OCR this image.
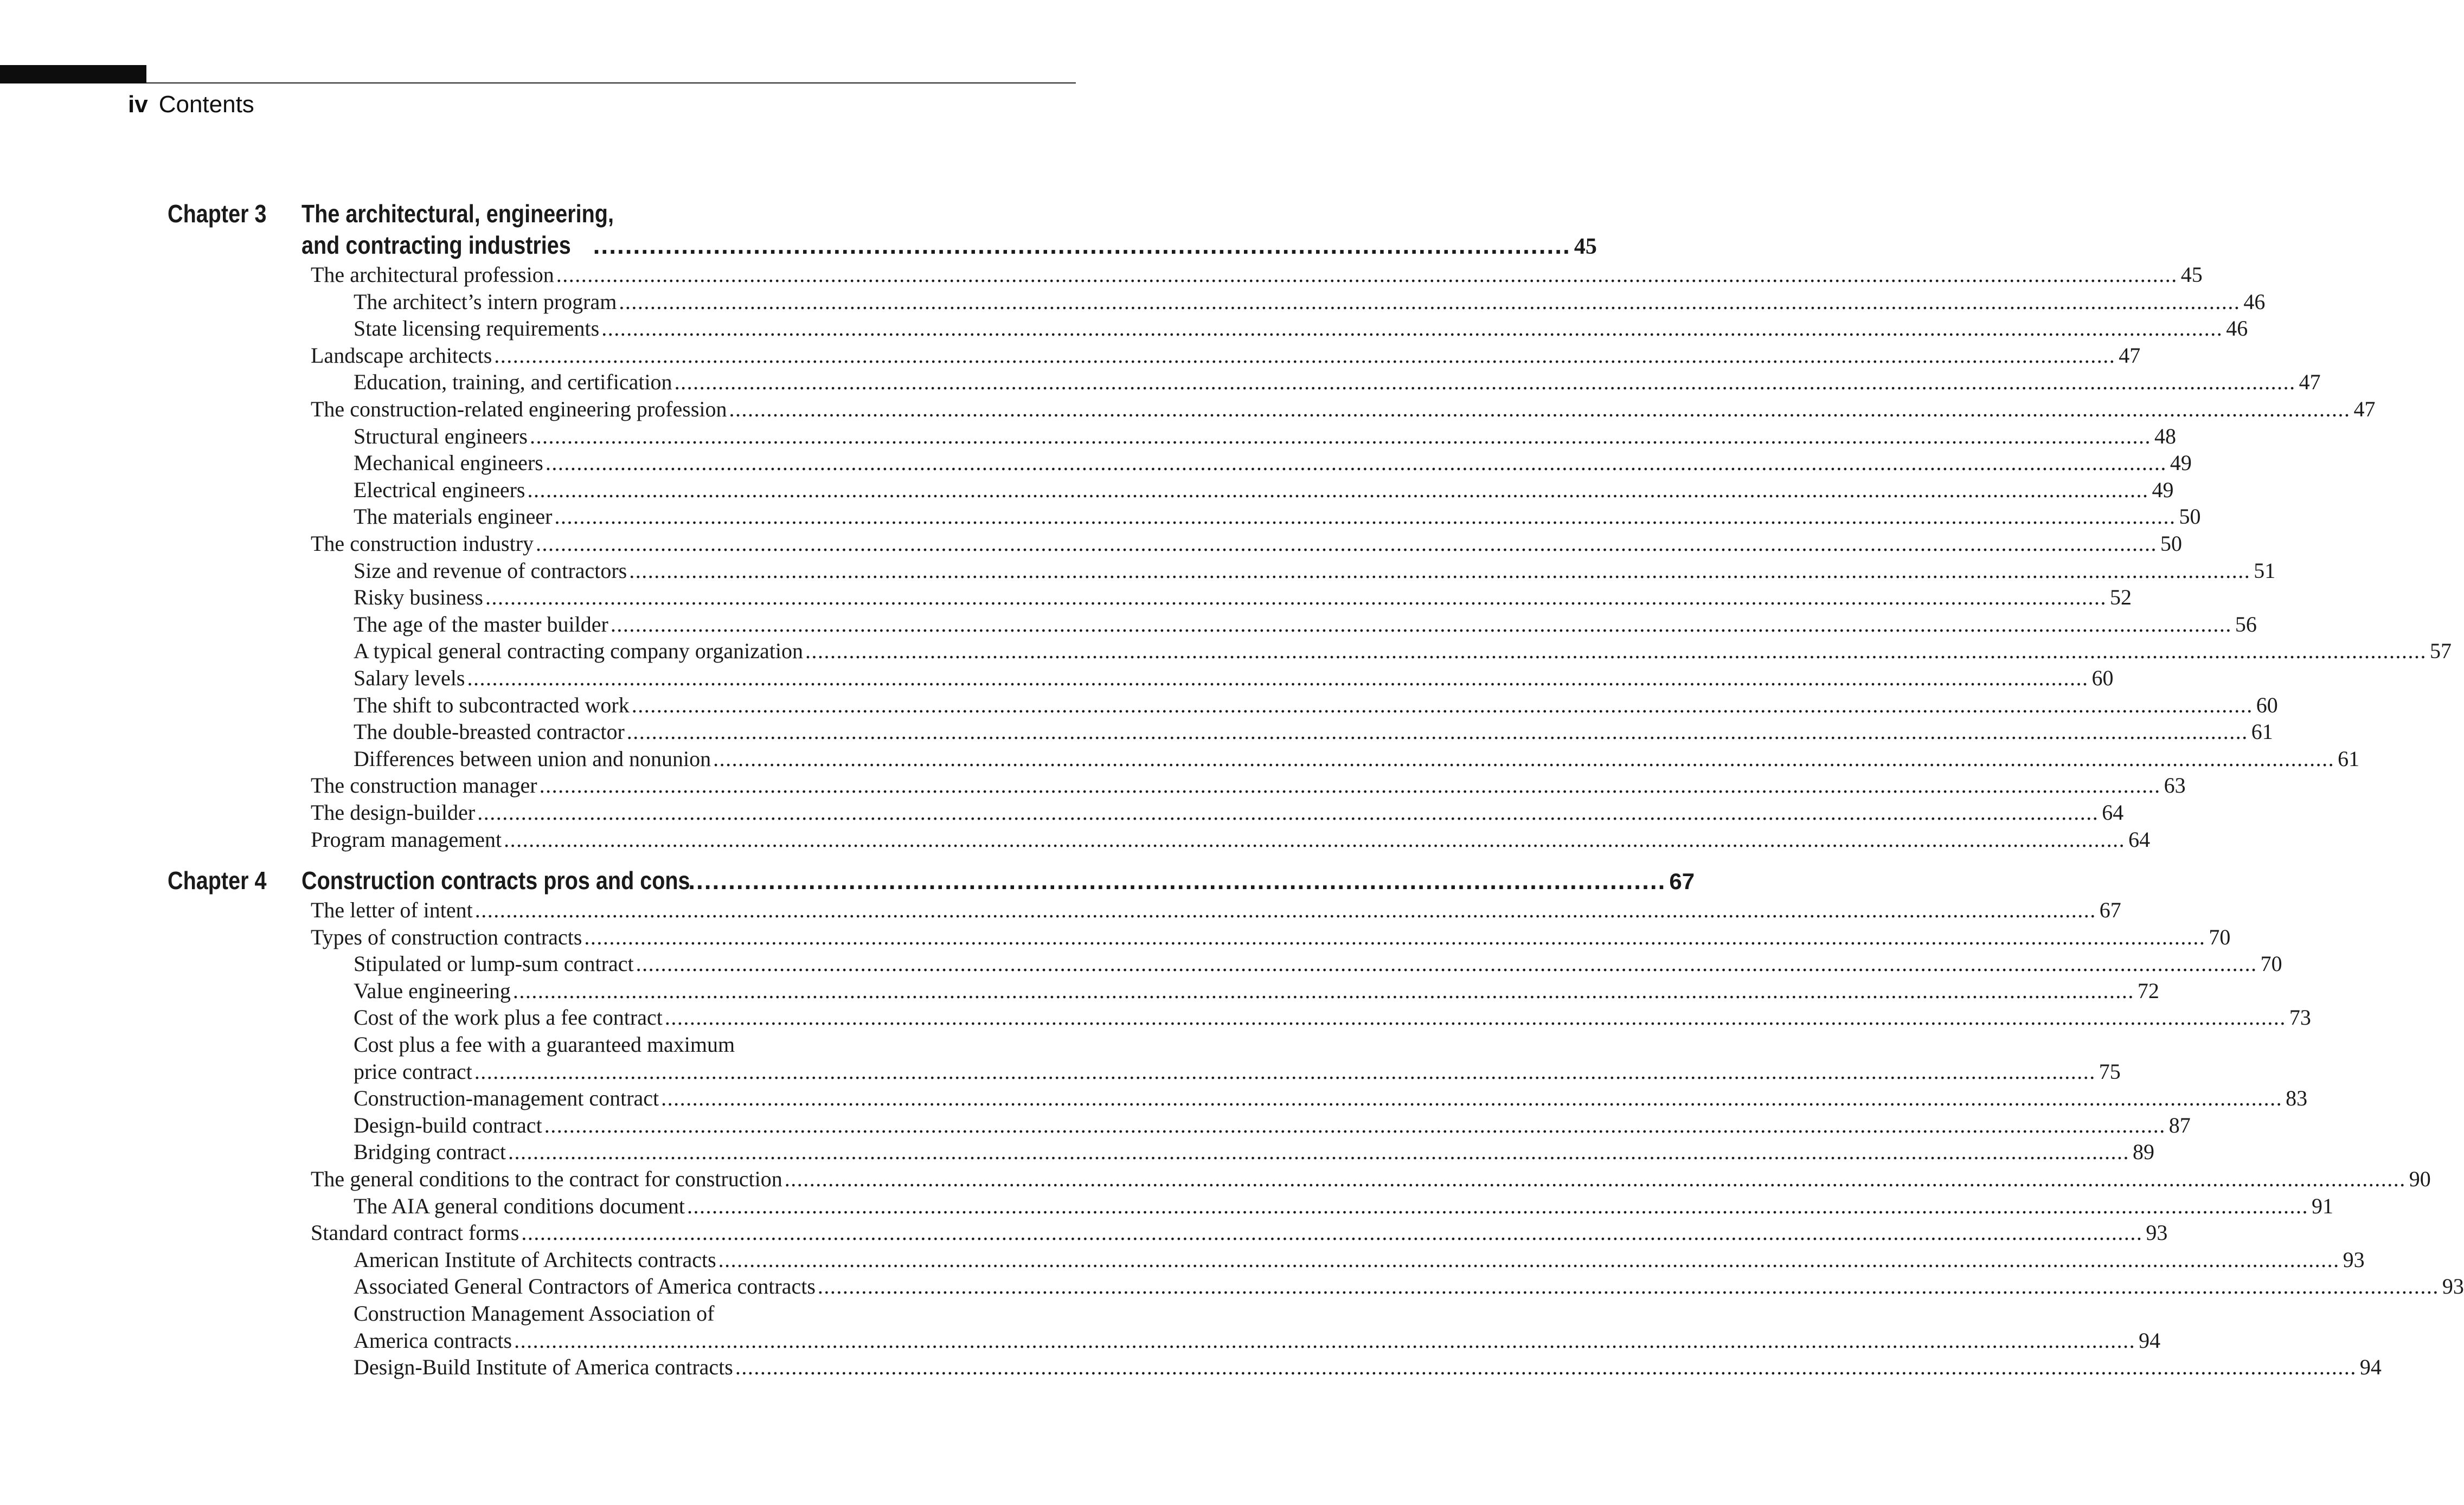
iv Contents
Chapter 3 The architectural, engineering,
and contracting industries .......................................................................................................................... 45
The architectural profession .................................................................................................................................................................................................................................................................... 45
The architect’s intern program .................................................................................................................................................................................................................................................................... 46
State licensing requirements .................................................................................................................................................................................................................................................................... 46
Landscape architects .................................................................................................................................................................................................................................................................... 47
Education, training, and certification .................................................................................................................................................................................................................................................................... 47
The construction-related engineering profession .................................................................................................................................................................................................................................................................... 47
Structural engineers .................................................................................................................................................................................................................................................................... 48
Mechanical engineers .................................................................................................................................................................................................................................................................... 49
Electrical engineers .................................................................................................................................................................................................................................................................... 49
The materials engineer .................................................................................................................................................................................................................................................................... 50
The construction industry .................................................................................................................................................................................................................................................................... 50
Size and revenue of contractors .................................................................................................................................................................................................................................................................... 51
Risky business .................................................................................................................................................................................................................................................................... 52
The age of the master builder .................................................................................................................................................................................................................................................................... 56
A typical general contracting company organization .................................................................................................................................................................................................................................................................... 57
Salary levels .................................................................................................................................................................................................................................................................... 60
The shift to subcontracted work .................................................................................................................................................................................................................................................................... 60
The double-breasted contractor .................................................................................................................................................................................................................................................................... 61
Differences between union and nonunion .................................................................................................................................................................................................................................................................... 61
The construction manager .................................................................................................................................................................................................................................................................... 63
The design-builder .................................................................................................................................................................................................................................................................... 64
Program management .................................................................................................................................................................................................................................................................... 64
Chapter 4 Construction contracts pros and cons
.......................................................................................................................... 67
The letter of intent .................................................................................................................................................................................................................................................................... 67
Types of construction contracts .................................................................................................................................................................................................................................................................... 70
Stipulated or lump-sum contract .................................................................................................................................................................................................................................................................... 70
Value engineering .................................................................................................................................................................................................................................................................... 72
Cost of the work plus a fee contract .................................................................................................................................................................................................................................................................... 73
Cost plus a fee with a guaranteed maximum
price contract .................................................................................................................................................................................................................................................................... 75
Construction-management contract .................................................................................................................................................................................................................................................................... 83
Design-build contract .................................................................................................................................................................................................................................................................... 87
Bridging contract .................................................................................................................................................................................................................................................................... 89
The general conditions to the contract for construction .................................................................................................................................................................................................................................................................... 90
The AIA general conditions document .................................................................................................................................................................................................................................................................... 91
Standard contract forms .................................................................................................................................................................................................................................................................... 93
American Institute of Architects contracts .................................................................................................................................................................................................................................................................... 93
Associated General Contractors of America contracts .................................................................................................................................................................................................................................................................... 93
Construction Management Association of
America contracts .................................................................................................................................................................................................................................................................... 94
Design-Build Institute of America contracts .................................................................................................................................................................................................................................................................... 94
